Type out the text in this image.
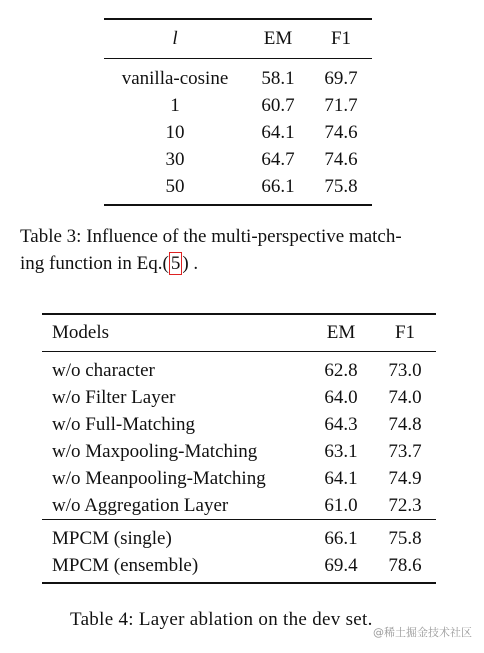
l	EM	F1
vanilla-cosine	58.1	69.7
1	60.7	71.7
10	64.1	74.6
30	64.7	74.6
50	66.1	75.8
Table 3: Influence of the multi-perspective match-
ing function in Eq.( 5 ) .
Models	EM	F1
w/o character	62.8	73.0
w/o Filter Layer	64.0	74.0
w/o Full-Matching	64.3	74.8
w/o Maxpooling-Matching	63.1	73.7
w/o Meanpooling-Matching	64.1	74.9
w/o Aggregation Layer	61.0	72.3
MPCM (single)	66.1	75.8
MPCM (ensemble)	69.4	78.6
Table 4: Layer ablation on the dev set.
@稀土掘金技术社区
